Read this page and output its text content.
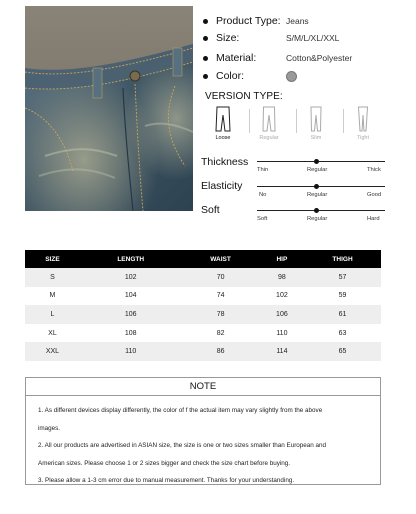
Product Type: Jeans
Size:	S/M/L/XL/XXL
Material:	Cotton&Polyester
Color:
VERSION TYPE:
Loose	Regular	Slim	Tight
Thickness
Thin	Regular	Thick
Elasticity
No	Regular	Good
Soft
Soft	Regular	Hard
SIZE	LENGTH	WAIST	HIP	THIGH
S	102	70	98	57
M	104	74	102	59
L	106	78	106	61
XL	108	82	110	63
XXL	110	86	114	65
NOTE
1. As different devices display differently, the color of f the actual item may vary slightly from the above
images.
2. All our products are advertised in ASIAN size, the size is one or two sizes smaller than European and
American sizes. Please choose 1 or 2 sizes bigger and check the size chart before buying.
3. Please allow a 1-3 cm error due to manual measurement. Thanks for your understanding.
